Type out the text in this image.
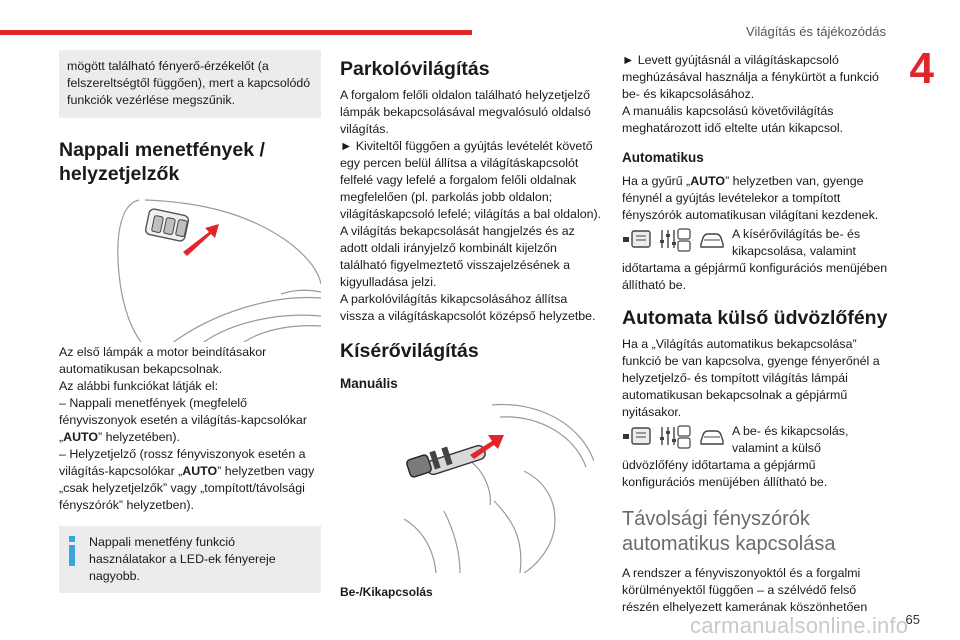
Világítás és tájékozódás
4
mögött található fényerő-érzékelőt (a felszereltségtől függően), mert a kapcsolódó funkciók vezérlése megszűnik.
Nappali menetfények / helyzetjelzők

Az első lámpák a motor beindításakor
automatikusan bekapcsolnak.
Az alábbi funkciókat látják el:
– Nappali menetfények (megfelelő fényviszonyok esetén a világítás-kapcsolókar
„AUTO” helyzetében).
– Helyzetjelző (rossz fényviszonyok esetén a világítás-kapcsolókar „AUTO” helyzetben vagy „csak helyzetjelzők” vagy „tompított/távolsági fényszórók” helyzetben).

Nappali menetfény funkció használatakor a LED-ek fényereje nagyobb.
Parkolóvilágítás

A forgalom felőli oldalon található helyzetjelző lámpák bekapcsolásával megvalósuló oldalsó világítás.

► Kiviteltől függően a gyújtás levételét követő egy percen belül állítsa a világításkapcsolót felfelé vagy lefelé a forgalom felőli oldalnak megfelelően (pl. parkolás jobb oldalon; világításkapcsoló lefelé; világítás a bal oldalon).

A világítás bekapcsolását hangjelzés és az adott oldali irányjelző kombinált kijelzőn található figyelmeztető visszajelzésének a kigyulladása jelzi.

A parkolóvilágítás kikapcsolásához állítsa vissza a világításkapcsolót középső helyzetbe.

Kísérővilágítás
Manuális
Be-/Kikapcsolás

► Levett gyújtásnál a világításkapcsoló meghúzásával használja a fénykürtöt a funkció be- és kikapcsolásához.

A manuális kapcsolású követővilágítás meghatározott idő eltelte után kikapcsol.

Automatikus

Ha a gyűrű „AUTO” helyzetben van, gyenge fénynél a gyújtás levételekor a tompított fényszórók automatikusan világítani kezdenek.

A kísérővilágítás be- és kikapcsolása, valamint

időtartama a gépjármű konfigurációs menüjében állítható be.

Automata külső üdvözlőfény

Ha a „Világítás automatikus bekapcsolása” funkció be van kapcsolva, gyenge fényerőnél a helyzetjelző- és tompított világítás lámpái automatikusan bekapcsolnak a gépjármű nyitásakor.

A be- és kikapcsolás, valamint a külső

üdvözlőfény időtartama a gépjármű konfigurációs menüjében állítható be.

Távolsági fényszórók automatikus kapcsolása

A rendszer a fényviszonyoktól és a forgalmi körülményektől függően – a szélvédő felső részén elhelyezett kamerának köszönhetően

carmanualsonline.info
65
